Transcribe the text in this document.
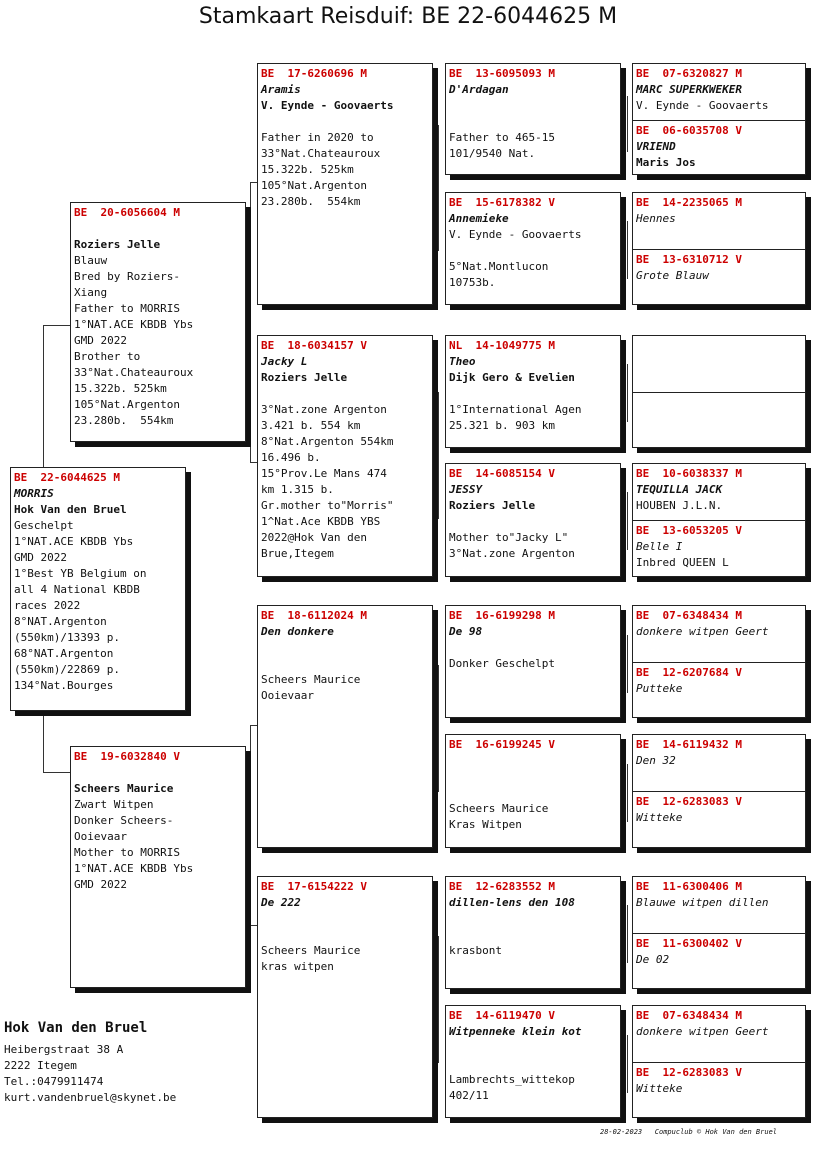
Stamkaart Reisduif: BE 22-6044625 M
BE  22-6044625 M
MORRIS
Hok Van den Bruel
Geschelpt
1°NAT.ACE KBDB Ybs
GMD 2022
1°Best YB Belgium on
all 4 National KBDB
races 2022
8°NAT.Argenton
(550km)/13393 p.
68°NAT.Argenton
(550km)/22869 p.
134°Nat.Bourges
BE  20-6056604 M
Roziers Jelle
Blauw
Bred by Roziers-
Xiang
Father to MORRIS
1°NAT.ACE KBDB Ybs
GMD 2022
Brother to
33°Nat.Chateauroux
15.322b. 525km
105°Nat.Argenton
23.280b.  554km
BE  19-6032840 V
Scheers Maurice
Zwart Witpen
Donker Scheers-
Ooievaar
Mother to MORRIS
1°NAT.ACE KBDB Ybs
GMD 2022
BE  17-6260696 M
Aramis
V. Eynde - Goovaerts
Father in 2020 to
33°Nat.Chateauroux
15.322b. 525km
105°Nat.Argenton
23.280b.  554km
BE  18-6034157 V
Jacky L
Roziers Jelle
3°Nat.zone Argenton
3.421 b. 554 km
8°Nat.Argenton 554km
16.496 b.
15°Prov.Le Mans 474
km 1.315 b.
Gr.mother to"Morris"
1^Nat.Ace KBDB YBS
2022@Hok Van den
Brue,Itegem
BE  18-6112024 M
Den donkere
Scheers Maurice
Ooievaar
BE  17-6154222 V
De 222
Scheers Maurice
kras witpen
BE  13-6095093 M
D'Ardagan
Father to 465-15
101/9540 Nat.
BE  15-6178382 V
Annemieke
V. Eynde - Goovaerts
5°Nat.Montlucon
10753b.
NL  14-1049775 M
Theo
Dijk Gero & Evelien
1°International Agen
25.321 b. 903 km
BE  14-6085154 V
JESSY
Roziers Jelle
Mother to"Jacky L"
3°Nat.zone Argenton
BE  16-6199298 M
De 98
Donker Geschelpt
BE  16-6199245 V
Scheers Maurice
Kras Witpen
BE  12-6283552 M
dillen-lens den 108
krasbont
BE  14-6119470 V
Witpenneke klein kot
Lambrechts_wittekop
402/11
BE  07-6320827 M
MARC SUPERKWEKER
V. Eynde - Goovaerts
BE  06-6035708 V
VRIEND
Maris Jos
BE  14-2235065 M
Hennes
BE  13-6310712 V
Grote Blauw
BE  10-6038337 M
TEQUILLA JACK
HOUBEN J.L.N.
BE  13-6053205 V
Belle I
Inbred QUEEN L
BE  07-6348434 M
donkere witpen Geert
BE  12-6207684 V
Putteke
BE  14-6119432 M
Den 32
BE  12-6283083 V
Witteke
BE  11-6300406 M
Blauwe witpen dillen
BE  11-6300402 V
De 02
BE  07-6348434 M
donkere witpen Geert
BE  12-6283083 V
Witteke
Hok Van den Bruel
Heibergstraat 38 A
2222 Itegem
Tel.:0479911474
kurt.vandenbruel@skynet.be
28-02-2023   Compuclub © Hok Van den Bruel
